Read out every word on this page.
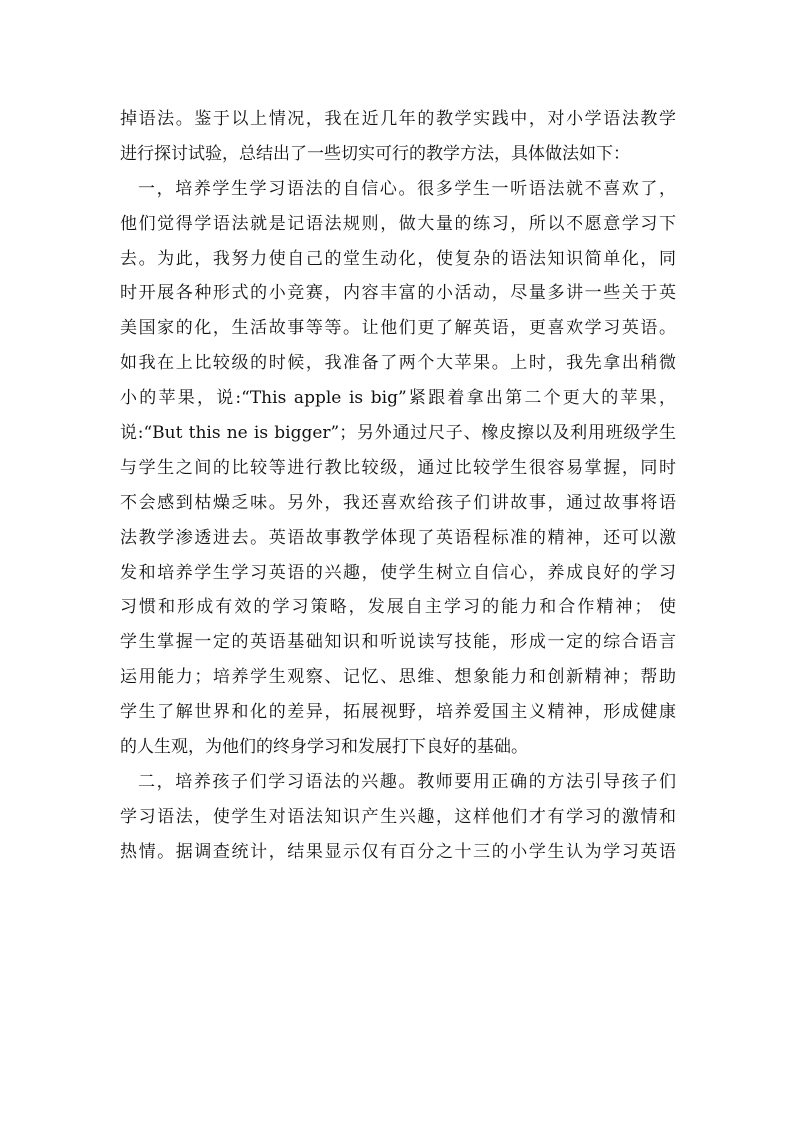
掉语法。鉴于以上情况，我在近几年的教学实践中，对小学语法教学
进行探讨试验，总结出了一些切实可行的教学方法，具体做法如下：
一，培养学生学习语法的自信心。很多学生一听语法就不喜欢了，
他们觉得学语法就是记语法规则，做大量的练习，所以不愿意学习下
去。为此，我努力使自己的堂生动化，使复杂的语法知识简单化，同
时开展各种形式的小竞赛，内容丰富的小活动，尽量多讲一些关于英
美国家的化，生活故事等等。让他们更了解英语，更喜欢学习英语。
如我在上比较级的时候，我准备了两个大苹果。上时，我先拿出稍微
小的苹果，说:“This apple is big”紧跟着拿出第二个更大的苹果，
说:“But this ne is bigger”；另外通过尺子、橡皮擦以及利用班级学生
与学生之间的比较等进行教比较级，通过比较学生很容易掌握，同时
不会感到枯燥乏味。另外，我还喜欢给孩子们讲故事，通过故事将语
法教学渗透进去。英语故事教学体现了英语程标准的精神，还可以激
发和培养学生学习英语的兴趣，使学生树立自信心，养成良好的学习
习惯和形成有效的学习策略，发展自主学习的能力和合作精神； 使
学生掌握一定的英语基础知识和听说读写技能，形成一定的综合语言
运用能力；培养学生观察、记忆、思维、想象能力和创新精神；帮助
学生了解世界和化的差异，拓展视野，培养爱国主义精神，形成健康
的人生观，为他们的终身学习和发展打下良好的基础。
二，培养孩子们学习语法的兴趣。教师要用正确的方法引导孩子们
学习语法，使学生对语法知识产生兴趣，这样他们才有学习的激情和
热情。据调查统计，结果显示仅有百分之十三的小学生认为学习英语
